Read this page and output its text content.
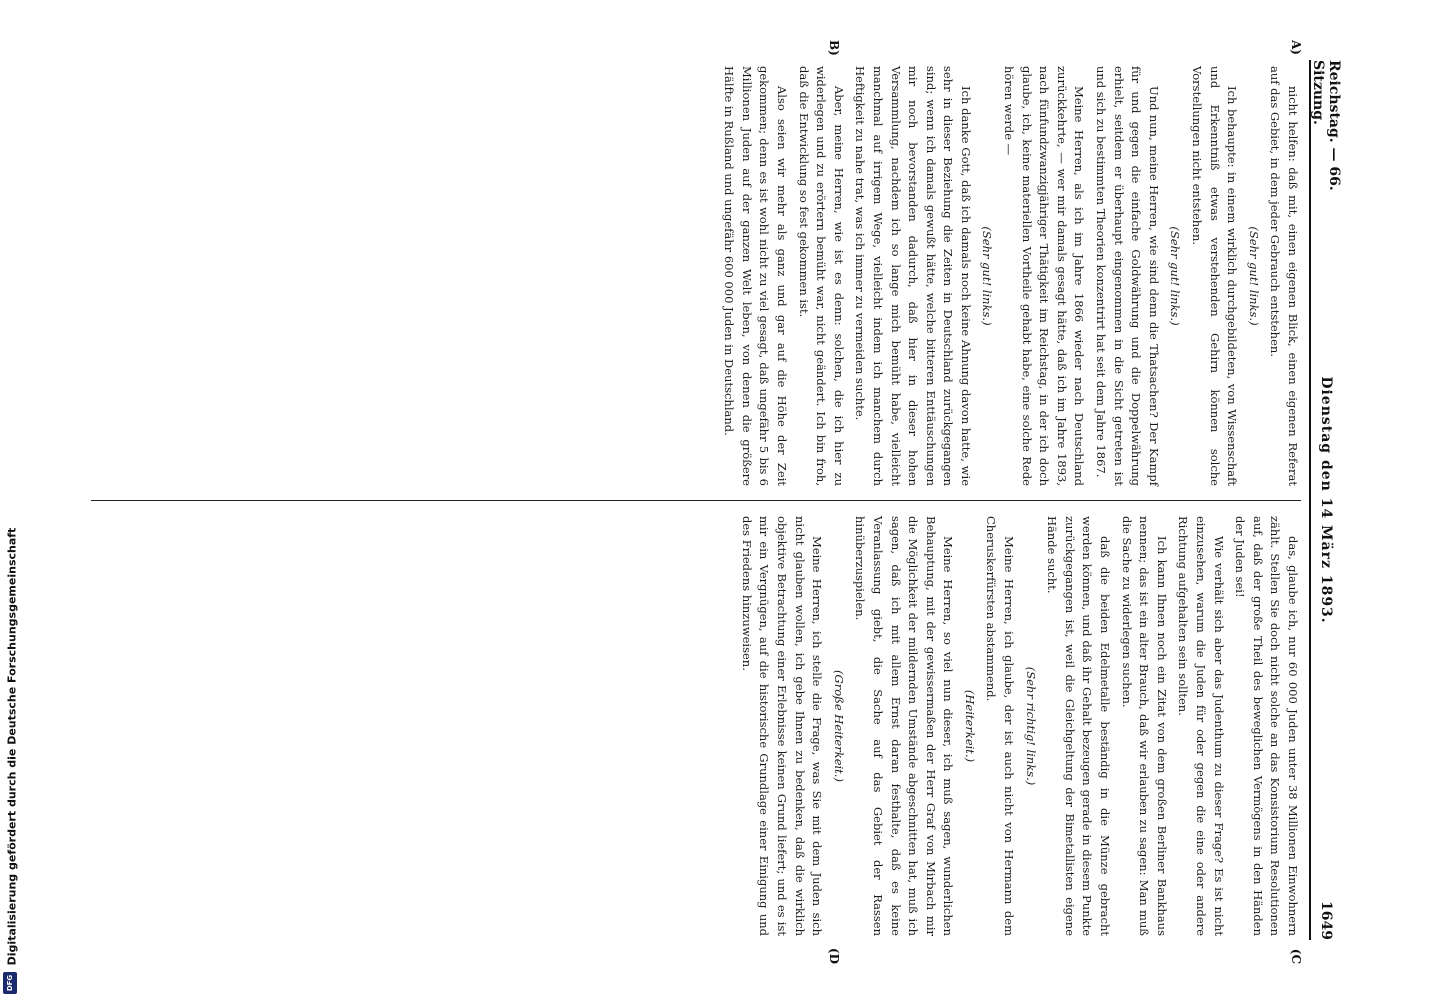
Reichstag. — 66. Sitzung.
Dienstag den 14 März 1893.
1649
A)
B)
(C
(D

nicht helfen: daß mit, einen eigenen Blick, einen eigenen Referat auf das Gebiet, in dem jeder Gebrauch entstehen.

(Sehr gut! links.)

Ich behaupte: in einem wirklich durchgebildeten, von Wissenschaft und Erkenntniß etwas verstehenden Gehirn können solche Vorstellungen nicht entstehen.

(Sehr gut! links.)

Und nun, meine Herren, wie sind denn die Thatsachen? Der Kampf für und gegen die einfache Goldwährung und die Doppelwährung erhielt, seitdem er überhaupt eingenommen in die Sicht getreten ist und sich zu bestimmten Theorien konzentrirt hat seit dem Jahre 1867.

Meine Herren, als ich im Jahre 1866 wieder nach Deutschland zurückkehrte, — wer mir damals gesagt hätte, daß ich im Jahre 1893, nach fünfundzwanzigjähriger Thätigkeit im Reichstag, in der ich doch glaube, ich, keine materiellen Vortheile gehabt habe, eine solche Rede hören werde —

(Sehr gut! links.)

Ich danke Gott, daß ich damals noch keine Ahnung davon hatte, wie sehr in dieser Beziehung die Zeiten in Deutschland zurückgegangen sind; wenn ich damals gewußt hätte, welche bitteren Enttäuschungen mir noch bevorstanden dadurch, daß hier in dieser hohen Versammlung, nachdem ich so lange mich bemüht habe, vielleicht manchmal auf irrigem Wege, vielleicht indem ich manchem durch Heftigkeit zu nahe trat, was ich immer zu vermeiden suchte.

Aber, meine Herren, wie ist es denn: solchen, die ich hier zu widerlegen und zu erörtern bemüht war, nicht geändert. Ich bin froh, daß die Entwicklung so fest gekommen ist.

Also seien wir mehr als ganz und gar auf die Höhe der Zeit gekommen; denn es ist wohl nicht zu viel gesagt, daß ungefähr 5 bis 6 Millionen Juden auf der ganzen Welt leben, von denen die größere Hälfte in Rußland und ungefähr 600 000 Juden in Deutschland.

das, glaube ich, nur 60 000 Juden unter 38 Millionen Einwohnern zählt. Stellen Sie doch nicht solche an das Konsistorium Resolutionen auf, daß der große Theil des beweglichen Vermögens in den Händen der Juden sei!

Wie verhält sich aber das Judenthum zu dieser Frage? Es ist nicht einzusehen, warum die Juden für oder gegen die eine oder andere Richtung aufgehalten sein sollten.

Ich kann Ihnen noch ein Zitat von dem großen Berliner Bankhaus nennen; das ist ein alter Brauch, daß wir erlauben zu sagen: Man muß die Sache zu widerlegen suchen.

daß die beiden Edelmetalle beständig in die Münze gebracht werden können, und daß ihr Gehalt bezeugen gerade in diesem Punkte zurückgegangen ist, weil die Gleichgeltung der Bimetallisten eigene Hände sucht.

(Sehr richtig! links.)

Meine Herren, ich glaube, der ist auch nicht von Hermann dem Cheruskerfürsten abstammend.

(Heiterkeit.)

Meine Herren, so viel nun dieser, ich muß sagen, wunderlichen Behauptung, mit der gewissermaßen der Herr Graf von Mirbach mir die Möglichkeit der mildernden Umstände abgeschnitten hat, muß ich sagen, daß ich mit allem Ernst daran festhalte, daß es keine Veranlassung giebt, die Sache auf das Gebiet der Rassen hinüberzuspielen.

(Große Heiterkeit.)

Meine Herren, ich stelle die Frage, was Sie mit dem Juden sich nicht glauben wollen, ich gebe Ihnen zu bedenken, daß die wirklich objektive Betrachtung einer Erlebnisse keinen Grund liefert; und es ist mir ein Vergnügen, auf die historische Grundlage einer Einigung und des Friedens hinzuweisen.

Digitalisierung gefördert durch die Deutsche Forschungsgemeinschaft
DFG
